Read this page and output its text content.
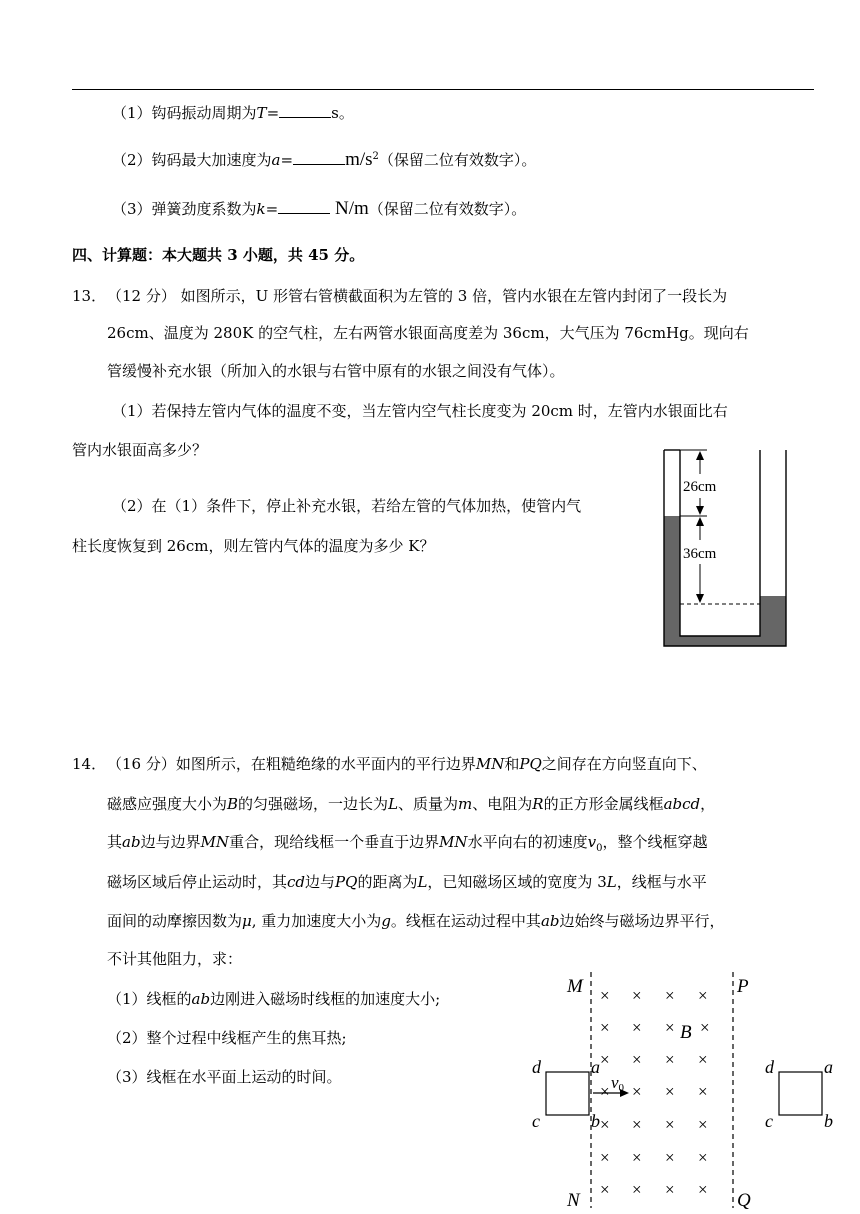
（1）钩码振动周期为T=	s。
（2）钩码最大加速度为a=	$m/s^2$（保留二位有效数字）。
（3）弹簧劲度系数为k=	N/m（保留二位有效数字）。
四、计算题：本大题共 3 小题，共 45 分。
13． （12 分） 如图所示，U 形管右管横截面积为左管的 3 倍，管内水银在左管内封闭了一段长为
26cm、温度为 280K 的空气柱，左右两管水银面高度差为 36cm，大气压为 76cmHg。现向右
管缓慢补充水银（所加入的水银与右管中原有的水银之间没有气体）。
（1）若保持左管内气体的温度不变，当左管内空气柱长度变为 20cm 时，左管内水银面比右
管内水银面高多少？
（2）在（1）条件下，停止补充水银，若给左管的气体加热，使管内气
柱长度恢复到 26cm，则左管内气体的温度为多少 K？
26cm
36cm
14． （16 分）如图所示，在粗糙绝缘的水平面内的平行边界MN和PQ之间存在方向竖直向下、
磁感应强度大小为B的匀强磁场，一边长为L、质量为m、电阻为R的正方形金属线框abcd，
其ab边与边界MN重合，现给线框一个垂直于边界MN水平向右的初速度$v_0$，整个线框穿越
磁场区域后停止运动时，其cd边与PQ的距离为L，已知磁场区域的宽度为 3L，线框与水平
面间的动摩擦因数为μ, 重力加速度大小为g。线框在运动过程中其ab边始终与磁场边界平行，
不计其他阻力，求：
（1）线框的ab边刚进入磁场时线框的加速度大小;
（2）整个过程中线框产生的焦耳热;
（3）线框在水平面上运动的时间。
M
N
P
Q
B
× × × ×
× × × ×
× × × ×
× × × ×
× × × ×
× × × ×
× × × ×
d	a
c	b
v0
d	a
c	b
